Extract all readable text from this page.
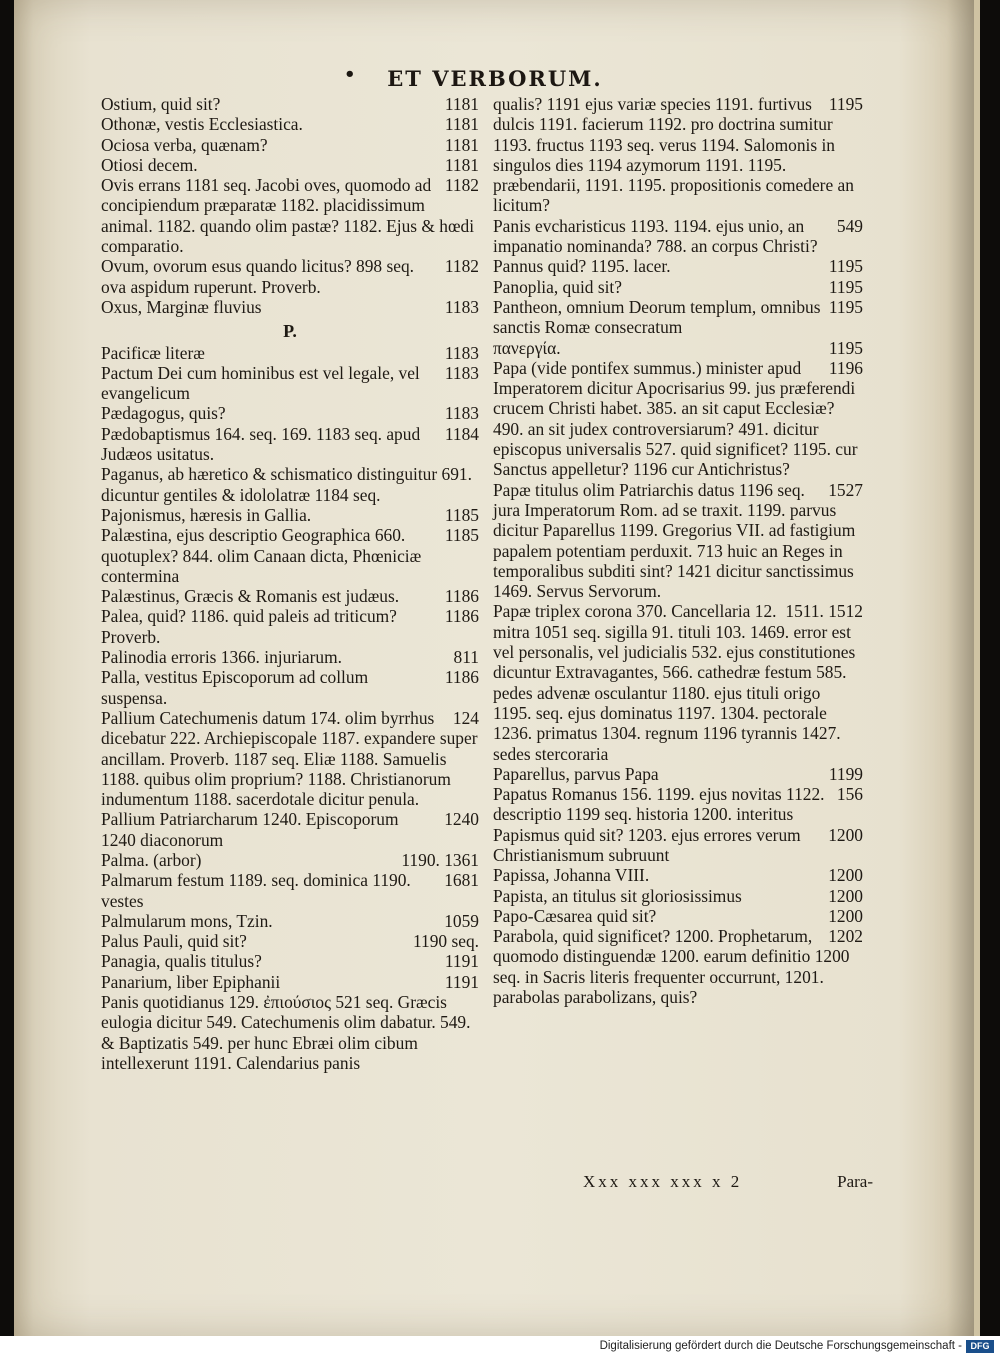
• ET VERBORUM.
1181
Ostium, quid sit?
1181
Othonæ, vestis Ecclesiastica.
1181
Ociosa verba, quænam?
1181
Otiosi decem.
1182
Ovis errans 1181 seq. Jacobi oves, quomodo ad concipiendum præparatæ 1182. placidissimum animal. 1182. quando olim pastæ? 1182. Ejus & hœdi comparatio.
1182
Ovum, ovorum esus quando licitus? 898 seq. ova aspidum ruperunt. Proverb.
1183
Oxus, Marginæ fluvius
P.
1183
Pacificæ literæ
1183
Pactum Dei cum hominibus est vel legale, vel evangelicum
1183
Pædagogus, quis?
1184
Pædobaptismus 164. seq. 169. 1183 seq. apud Judæos usitatus.
Paganus, ab hæretico & schismatico distinguitur 691. dicuntur gentiles & idololatræ 1184 seq.
1185
Pajonismus, hæresis in Gallia.
1185
Palæstina, ejus descriptio Geographica 660. quotuplex? 844. olim Canaan dicta, Phœniciæ contermina
1186
Palæstinus, Græcis & Romanis est judæus.
1186
Palea, quid? 1186. quid paleis ad triticum? Proverb.
811
Palinodia erroris 1366. injuriarum.
1186
Palla, vestitus Episcoporum ad collum suspensa.
124
Pallium Catechumenis datum 174. olim byrrhus dicebatur 222. Archiepiscopale 1187. expandere super ancillam. Proverb. 1187 seq. Eliæ 1188. Samuelis 1188. quibus olim proprium? 1188. Christianorum indumentum 1188. sacerdotale dicitur penula.
1240
Pallium Patriarcharum 1240. Episcoporum 1240 diaconorum
1190. 1361
Palma. (arbor)
1681
Palmarum festum 1189. seq. dominica 1190. vestes
1059
Palmularum mons, Tzin.
1190 seq.
Palus Pauli, quid sit?
1191
Panagia, qualis titulus?
1191
Panarium, liber Epiphanii
Panis quotidianus 129. ἐπιούσιος 521 seq. Græcis eulogia dicitur 549. Catechumenis olim dabatur. 549. & Baptizatis 549. per hunc Ebræi olim cibum intellexerunt 1191. Calendarius panis
1195
qualis? 1191 ejus variæ species 1191. furtivus dulcis 1191. facierum 1192. pro doctrina sumitur 1193. fructus 1193 seq. verus 1194. Salomonis in singulos dies 1194 azymorum 1191. 1195. præbendarii, 1191. 1195. propositionis comedere an licitum?
549
Panis evcharisticus 1193. 1194. ejus unio, an impanatio nominanda? 788. an corpus Christi?
1195
Pannus quid? 1195. lacer.
1195
Panoplia, quid sit?
1195
Pantheon, omnium Deorum templum, omnibus sanctis Romæ consecratum
1195
πανεργία.
1196
Papa (vide pontifex summus.) minister apud Imperatorem dicitur Apocrisarius 99. jus præferendi crucem Christi habet. 385. an sit caput Ecclesiæ? 490. an sit judex controversiarum? 491. dicitur episcopus universalis 527. quid significet? 1195. cur Sanctus appelletur? 1196 cur Antichristus?
1527
Papæ titulus olim Patriarchis datus 1196 seq. jura Imperatorum Rom. ad se traxit. 1199. parvus dicitur Paparellus 1199. Gregorius VII. ad fastigium papalem potentiam perduxit. 713 huic an Reges in temporalibus subditi sint? 1421 dicitur sanctissimus 1469. Servus Servorum.
1511. 1512
Papæ triplex corona 370. Cancellaria 12. mitra 1051 seq. sigilla 91. tituli 103. 1469. error est vel personalis, vel judicialis 532. ejus constitutiones dicuntur Extravagantes, 566. cathedræ festum 585. pedes advenæ osculantur 1180. ejus tituli origo 1195. seq. ejus dominatus 1197. 1304. pectorale 1236. primatus 1304. regnum 1196 tyrannis 1427. sedes stercoraria
1199
Paparellus, parvus Papa
156
Papatus Romanus 156. 1199. ejus novitas 1122. descriptio 1199 seq. historia 1200. interitus
1200
Papismus quid sit? 1203. ejus errores verum Christianismum subruunt
1200
Papissa, Johanna VIII.
1200
Papista, an titulus sit gloriosissimus
1200
Papo-Cæsarea quid sit?
1202
Parabola, quid significet? 1200. Prophetarum, quomodo distinguendæ 1200. earum definitio 1200 seq. in Sacris literis frequenter occurrunt, 1201. parabolas parabolizans, quis?
Xxx xxx xxx x 2	Para-
Digitalisierung gefördert durch die Deutsche Forschungsgemeinschaft - DFG
